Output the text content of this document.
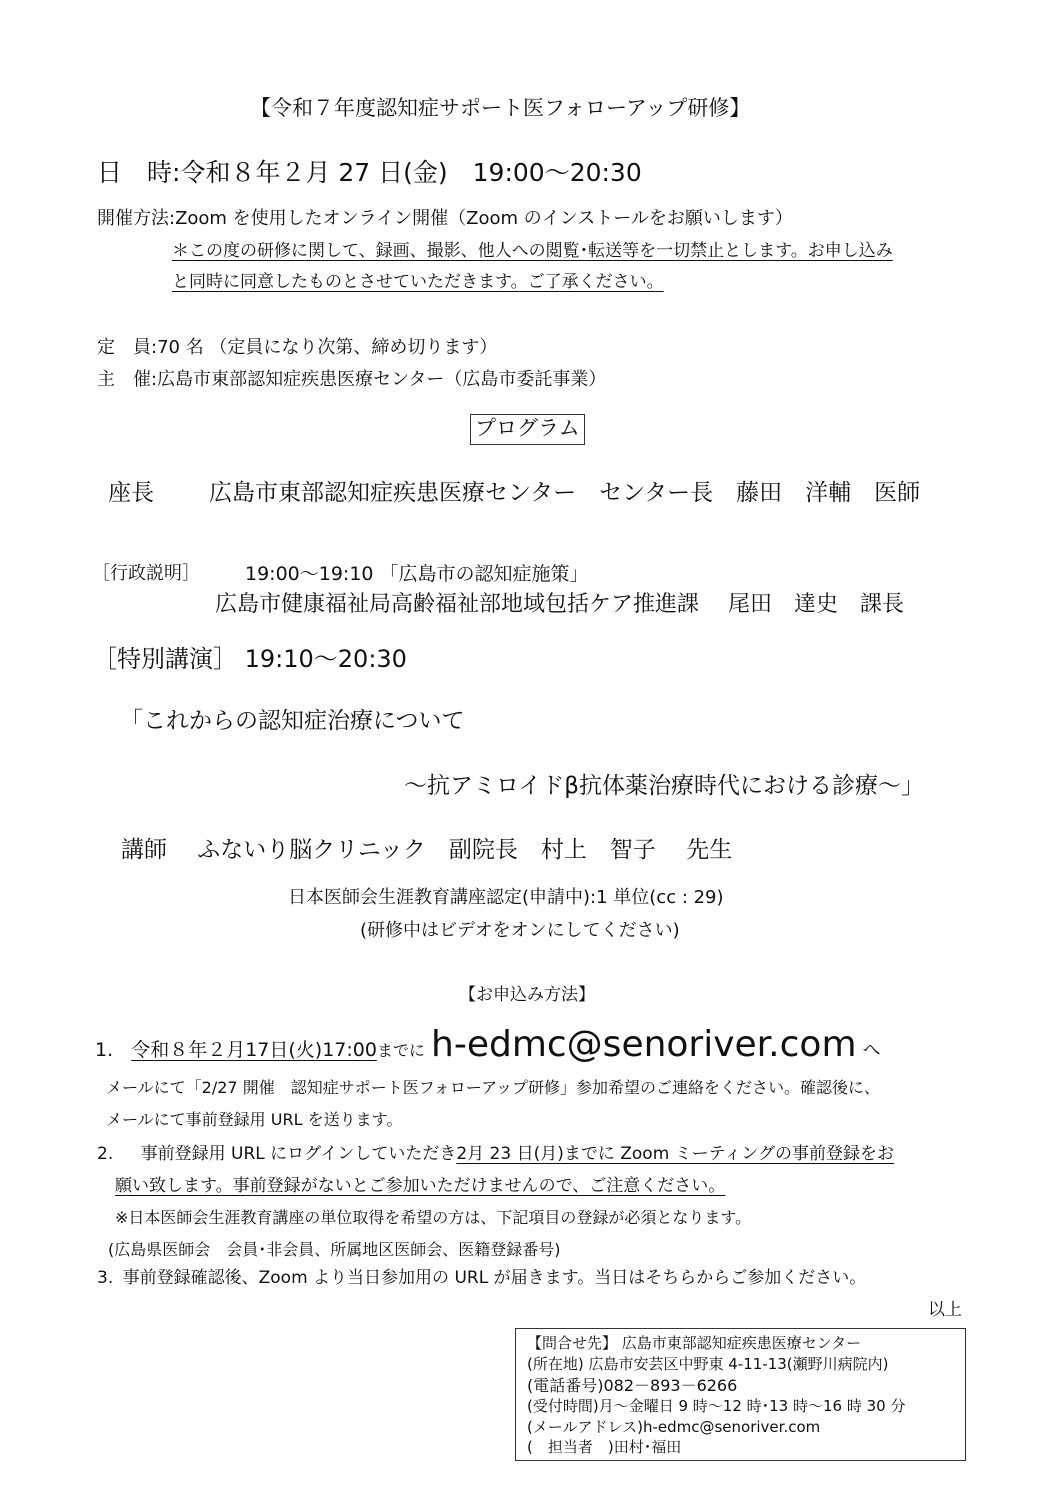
【令和７年度認知症サポート医フォローアップ研修】
日　時:令和８年２月 27 日(金)　19:00～20:30
開催方法:Zoom を使用したオンライン開催（Zoom のインストールをお願いします）
＊この度の研修に関して、録画、撮影、他人への閲覧･転送等を一切禁止とします。お申し込み
と同時に同意したものとさせていただきます。ご了承ください。
定　員:70 名 （定員になり次第、締め切ります）
主　催:広島市東部認知症疾患医療センター（広島市委託事業）
プログラム
座長 広島市東部認知症疾患医療センター　センター長　藤田　洋輔　医師
［行政説明］ 19:00～19:10 「広島市の認知症施策」
広島市健康福祉局高齢福祉部地域包括ケア推進課　 尾田　達史　課長
［特別講演］ 19:10～20:30
「これからの認知症治療について
～抗アミロイドβ抗体薬治療時代における診療～」
講師　 ふないり脳クリニック　副院長　村上　智子　 先生
日本医師会生涯教育講座認定(申請中):1 単位(cc : 29)
(研修中はビデオをオンにしてください)
【お申込み方法】
1. 令和８年２月17日(火)17:00までに h-edmc@senoriver.com へ
メールにて「2/27 開催　認知症サポート医フォローアップ研修」参加希望のご連絡をください。確認後に、
メールにて事前登録用 URL を送ります。
2. 事前登録用 URL にログインしていただき2月 23 日(月)までに Zoom ミーティングの事前登録をお
願い致します。事前登録がないとご参加いただけませんので、ご注意ください。
※日本医師会生涯教育講座の単位取得を希望の方は、下記項目の登録が必須となります。
(広島県医師会　会員･非会員、所属地区医師会、医籍登録番号)
3. 事前登録確認後、Zoom より当日参加用の URL が届きます。当日はそちらからご参加ください。
以上
【問合せ先】 広島市東部認知症疾患医療センター
(所在地) 広島市安芸区中野東 4-11-13(瀬野川病院内)
(電話番号)082－893－6266
(受付時間)月～金曜日 9 時～12 時･13 時～16 時 30 分
(メールアドレス)h-edmc@senoriver.com
(　担当者　)田村･福田
